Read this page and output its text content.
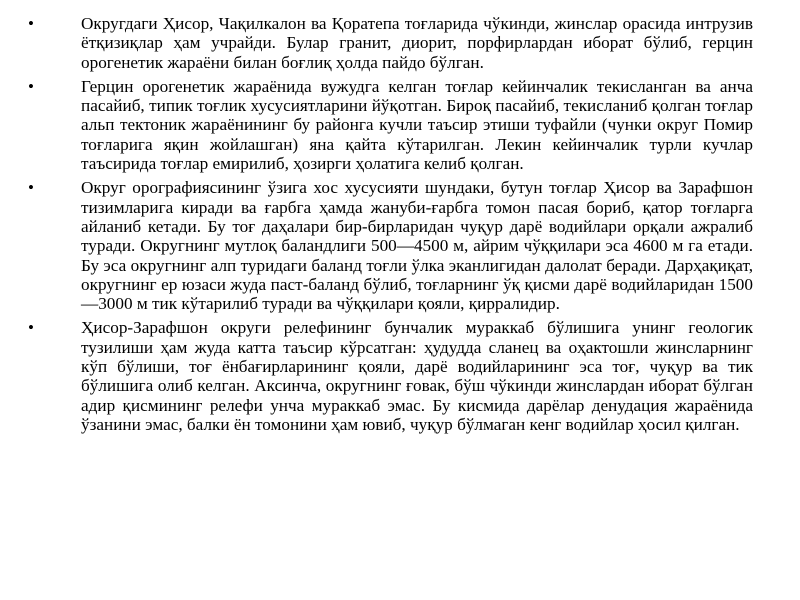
•	Округдаги Ҳисор, Чақилкалон ва Қоратепа тоғларида чўкинди, жинслар орасида интрузив ётқизиқлар ҳам учрайди. Булар гранит, диорит, порфирлардан иборат бўлиб, герцин орогенетик жараёни билан боғлиқ ҳолда пайдо бўлган.
•	Герцин орогенетик жараёнида вужудга келган тоғлар кейинчалик текисланган ва анча пасайиб, типик тоғлик хусусиятларини йўқотган. Бироқ пасайиб, текисланиб қолган тоғлар альп тектоник жараёнининг бу районга кучли таъсир этиши туфайли (чунки округ Помир тоғларига яқин жойлашган) яна қайта кўтарилган. Лекин кейинчалик турли кучлар таъсирида тоғлар емирилиб, ҳозирги ҳолатига келиб қолган.
•	Округ орографиясининг ўзига хос хусусияти шундаки, бутун тоғлар Ҳисор ва Зарафшон тизимларига киради ва ғарбга ҳамда жануби-ғарбга томон пасая бориб, қатор тоғларга айланиб кетади. Бу тоғ даҳалари бир-бирларидан чуқур дарё водийлари орқали ажралиб туради. Округнинг мутлоқ баландлиги 500—4500 м, айрим чўққилари эса 4600 м га етади. Бу эса округнинг алп туридаги баланд тоғли ўлка эканлигидан далолат беради. Дарҳақиқат, округнинг ер юзаси жуда паст-баланд бўлиб, тоғларнинг ўқ қисми дарё водийларидан 1500—3000 м тик кўтарилиб туради ва чўққилари қояли, қирралидир.
•	Ҳисор-Зарафшон округи релефининг бунчалик мураккаб бўлишига унинг геологик тузилиши ҳам жуда катта таъсир кўрсатган: ҳудудда сланец ва оҳактошли жинсларнинг кўп бўлиши, тоғ ёнбағирларининг қояли, дарё водийларининг эса тоғ, чуқур ва тик бўлишига олиб келган. Аксинча, округнинг ғовак, бўш чўкинди жинслардан иборат бўлган адир қисмининг релефи унча мураккаб эмас. Бу кисмида дарёлар денудация жараёнида ўзанини эмас, балки ён томонини ҳам ювиб, чуқур бўлмаган кенг водийлар ҳосил қилган.
